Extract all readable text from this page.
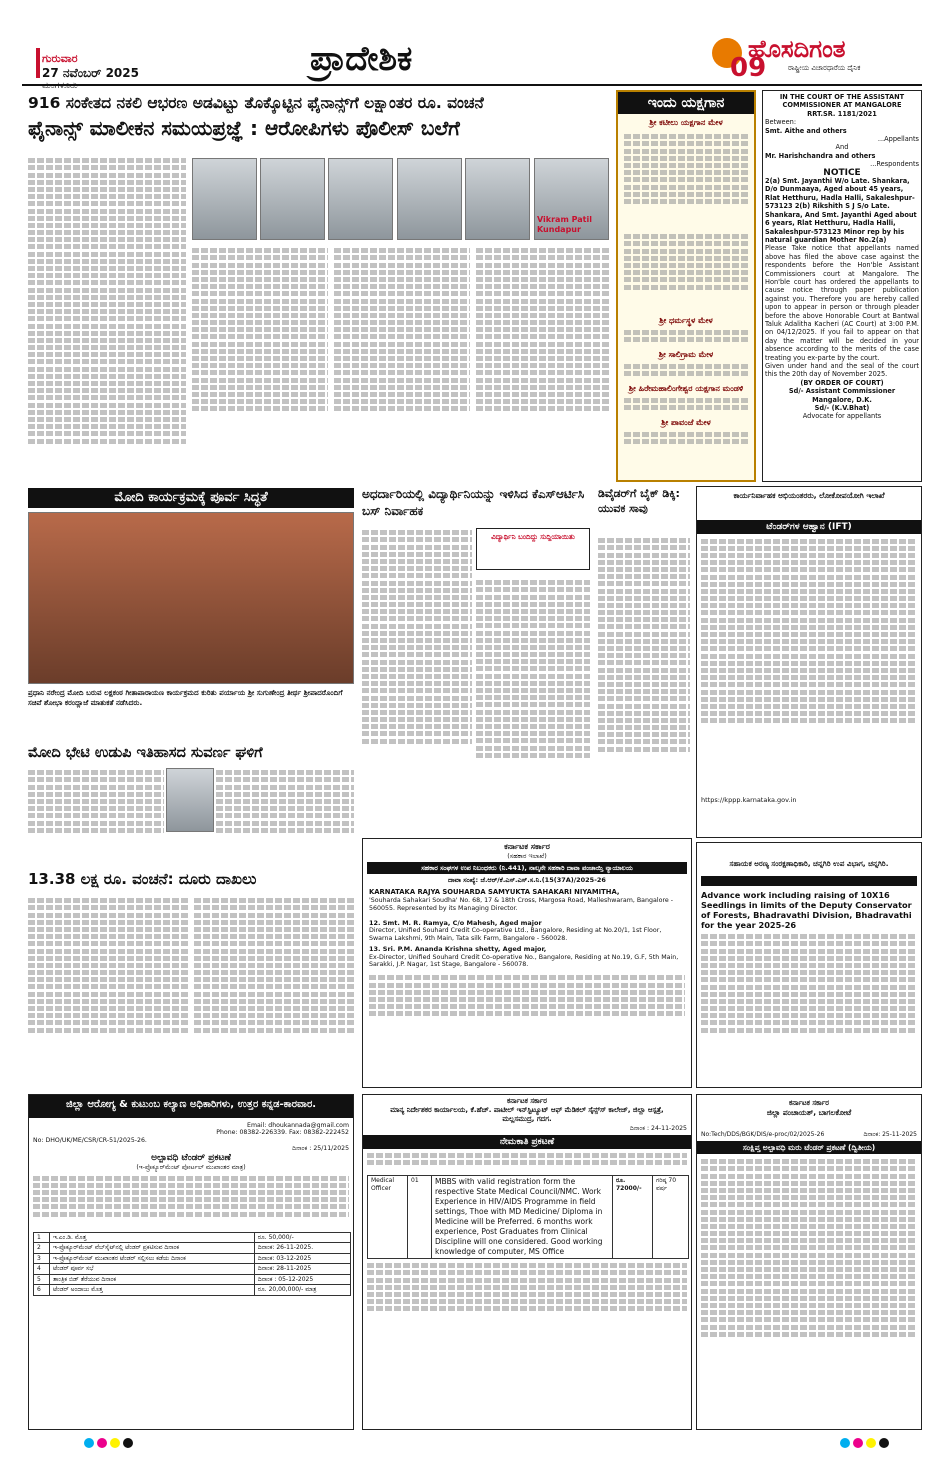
ಗುರುವಾರ
27 ನವೆಂಬರ್ 2025	ಪ್ರಾದೇಶಿಕ	ಹೊಸದಿಗಂತ
09	ರಾಷ್ಟ್ರೀಯ ವಿಚಾರಧಾರೆಯ ದೈನಿಕ
916 ಸಂಕೇತದ ನಕಲಿ ಆಭರಣ ಅಡವಿಟ್ಟು ತೊಕ್ಕೊಟ್ಟಿನ ಫೈನಾನ್ಸ್‌ಗೆ ಲಕ್ಷಾಂತರ ರೂ. ವಂಚನೆ
ಫೈನಾನ್ಸ್ ಮಾಲೀಕನ ಸಮಯಪ್ರಜ್ಞೆ : ಆರೋಪಿಗಳು ಪೊಲೀಸ್ ಬಲೆಗೆ
Vikram Patil Kundapur
ಇಂದು ಯಕ್ಷಗಾನ
ಶ್ರೀ ಕಟೀಲು ಯಕ್ಷಗಾನ ಮೇಳ
ಶ್ರೀ ಧರ್ಮಸ್ಥಳ ಮೇಳ
ಶ್ರೀ ಸಾಲಿಗ್ರಾಮ ಮೇಳ
ಶ್ರೀ ಹಿರೇಮಹಾಲಿಂಗೇಶ್ವರ ಯಕ್ಷಗಾನ ಮಂಡಳಿ
ಶ್ರೀ ಪಾವಂಜೆ ಮೇಳ
IN THE COURT OF THE ASSISTANT COMMISSIONER AT MANGALORE
RRT.SR. 1181/2021
Between:
Smt. Aithe and others
...Appellants
And
Mr. Harishchandra and others
...Respondents
NOTICE
2(a) Smt. Jayanthi W/o Late. Shankara, D/o Dunmaaya, Aged about 45 years, Rlat Hetthuru, Hadla Halli, Sakaleshpur-573123 2(b) Rikshith S J S/o Late. Shankara, And Smt. Jayanthi Aged about 6 years, Rlat Hetthuru, Hadla Halli, Sakaleshpur-573123 Minor rep by his natural guardian Mother No.2(a)
Please Take notice that appellants named above has filed the above case against the respondents before the Hon'ble Assistant Commissioners court at Mangalore. The Hon'ble court has ordered the appellants to cause notice through paper publication against you. Therefore you are hereby called upon to appear in person or through pleader before the above Honorable Court at Bantwal Taluk Adalitha Kacheri (AC Court) at 3:00 P.M. on 04/12/2025. If you fail to appear on that day the matter will be decided in your absence according to the merits of the case treating you ex-parte by the court.
Given under hand and the seal of the court this the 20th day of November 2025.
(BY ORDER OF COURT)
Sd/- Assistant Commissioner
Mangalore, D.K.
Sd/- (K.V.Bhat)
Advocate for appellants
ಮೋದಿ ಕಾರ್ಯಕ್ರಮಕ್ಕೆ ಪೂರ್ವ ಸಿದ್ಧತೆ
ಪ್ರಧಾನಿ ನರೇಂದ್ರ ಮೋದಿ ಬರುವ ಲಕ್ಷಕಂಠ ಗೀತಾಪಾರಾಯಣ ಕಾರ್ಯಕ್ರಮದ ಕುರಿತು ಪರ್ಯಾಯ ಶ್ರೀ ಸುಗುಣೇಂದ್ರ ತೀರ್ಥ ಶ್ರೀಪಾದರೊಂದಿಗೆ ಸಚಿವೆ ಶೋಭಾ ಕರಂದ್ಲಾಜೆ ಮಾತುಕತೆ ನಡೆಸಿದರು.
ಮೋದಿ ಭೇಟಿ ಉಡುಪಿ ಇತಿಹಾಸದ ಸುವರ್ಣ ಘಳಿಗೆ
13.38 ಲಕ್ಷ ರೂ. ವಂಚನೆ: ದೂರು ದಾಖಲು
ಅಧರ್ದಾರಿಯಲ್ಲಿ ವಿದ್ಯಾರ್ಥಿನಿಯನ್ನು ಇಳಿಸಿದ ಕೆಎಸ್ಆರ್ಟಿಸಿ ಬಸ್ ನಿರ್ವಾಹಕ
ವಿದ್ಯಾರ್ಥಿನಿ ಬಂದಿದ್ದು ಸುದ್ದಿಯಾಯಿತು
ಡಿವೈಡರ್‌ಗೆ ಬೈಕ್ ಡಿಕ್ಕಿ: ಯುವಕ ಸಾವು
ಕಾರ್ಯನಿರ್ವಾಹಕ ಅಭಿಯಂತರರು, ಲೋಕೋಪಯೋಗಿ ಇಲಾಖೆ
ಟೆಂಡರ್‌ಗಳ ಆಹ್ವಾನ (IFT)
https://kppp.karnataka.gov.in
ಕರ್ನಾಟಕ ಸರ್ಕಾರ
(ಸಹಕಾರ ಇಲಾಖೆ)
ಸಹಕಾರ ಸಂಘಗಳ ಉಪ ನಿಬಂಧಕರು (ನಿ.441), ನಾಲ್ಕನೇ ಸಹಕಾರಿ ದಾವಾ ಪಂಚಾಯ್ತಿ ನ್ಯಾಯಾಲಯ
ದಾವಾ ಸಂಖ್ಯೆ: ಜೆ.ಆರ್/ಕೆ.ಎಸ್.ಎಸ್.ಸ.ನಿ.(15(37A)/2025-26
KARNATAKA RAJYA SOUHARDA SAMYUKTA SAHAKARI NIYAMITHA,
'Souharda Sahakari Soudha' No. 68, 17 & 18th Cross, Margosa Road, Malleshwaram, Bangalore - 560055. Represented by its Managing Director.
12. Smt. M. R. Ramya, C/o Mahesh, Aged major
Director, Unified Souhard Credit Co-operative Ltd., Bangalore, Residing at No.20/1, 1st Floor, Swarna Lakshmi, 9th Main, Tata silk Farm, Bangalore - 560028.
13. Sri. P.M. Ananda Krishna shetty, Aged major,
Ex-Director, Unified Souhard Credit Co-operative No., Bangalore, Residing at No.19, G.F, 5th Main, Sarakki, J.P. Nagar, 1st Stage, Bangalore - 560078.
ಸಹಾಯಕ ಅರಣ್ಯ ಸಂರಕ್ಷಣಾಧಿಕಾರಿ, ಚನ್ನಗಿರಿ ಉಪ ವಿಭಾಗ, ಚನ್ನಗಿರಿ.
Advance work including raising of 10X16 Seedlings in limits of the Deputy Conservator of Forests, Bhadravathi Division, Bhadravathi for the year 2025-26
ಜಿಲ್ಲಾ ಆರೋಗ್ಯ & ಕುಟುಂಬ ಕಲ್ಯಾಣ ಅಧಿಕಾರಿಗಳು, ಉತ್ತರ ಕನ್ನಡ-ಕಾರವಾರ.
Email: dhoukannada@gmail.com
Phone: 08382-226339. Fax: 08382-222452
No: DHO/UK/ME/CSR/CR-51/2025-26.
ದಿನಾಂಕ : 25/11/2025
ಅಲ್ಪಾವಧಿ ಟೆಂಡರ್ ಪ್ರಕಟಣೆ
(ಇ-ಪ್ರೊಕ್ಯೂರ್‌ಮೆಂಟ್ ಪೋರ್ಟಲ್ ಮುಖಾಂತರ ಮಾತ್ರ)
1	ಇ.ಎಂ.ಡಿ. ಮೊತ್ತ	ರೂ. 50,000/-
2	ಇ-ಪ್ರೊಕ್ಯೂರ್‌ಮೆಂಟ್ ವೆಬ್‌ಸೈಟ್‌ನಲ್ಲಿ ಟೆಂಡರ್ ಪ್ರಕಟಿಸುವ ದಿನಾಂಕ	ದಿನಾಂಕ: 26-11-2025.
3	ಇ-ಪ್ರೊಕ್ಯೂರ್‌ಮೆಂಟ್ ಮುಖಾಂತರ ಟೆಂಡರ್ ಸಲ್ಲಿಸಲು ಕಡೆಯ ದಿನಾಂಕ	ದಿನಾಂಕ: 03-12-2025
4	ಟೆಂಡರ್ ಪೂರ್ವ ಸಭೆ	ದಿನಾಂಕ: 28-11-2025
5	ತಾಂತ್ರಿಕ ಬಿಡ್ ತೆರೆಯುವ ದಿನಾಂಕ	ದಿನಾಂಕ : 05-12-2025
6	ಟೆಂಡರ್ ಅಂದಾಜು ಮೊತ್ತ	ರೂ. 20,00,000/- ಮಾತ್ರ
ಕರ್ನಾಟಕ ಸರ್ಕಾರ
ಮಾನ್ಯ ನಿರ್ದೇಶಕರ ಕಾರ್ಯಾಲಯ, ಕೆ.ಹೆಚ್. ಪಾಟೀಲ್ ಇನ್‌ಸ್ಟಿಟ್ಯೂಟ್ ಆಫ್ ಮೆಡಿಕಲ್ ಸೈನ್ಸ್‌ಸ್ ಕಾಲೇಜ್, ಜಿಲ್ಲಾ ಆಸ್ಪತ್ರೆ, ಮಲ್ಲಸಮುದ್ರ, ಗದಗ.
ದಿನಾಂಕ : 24-11-2025
ನೇಮಕಾತಿ ಪ್ರಕಟಣೆ
Medical Officer	01	MBBS with valid registration form the respective State Medical Council/NMC. Work Experience in HIV/AIDS Programme in field settings, Thoe with MD Medicine/ Diploma in Medicine will be Preferred. 6 months work experience, Post Graduates from Clinical Discipline will one considered. Good working knowledge of computer, MS Office	ರೂ. 72000/-	ಗರಿಷ್ಠ 70 ವರ್ಷ
ಕರ್ನಾಟಕ ಸರ್ಕಾರ
ಜಿಲ್ಲಾ ಪಂಚಾಯತ್, ಬಾಗಲಕೋಟೆ
No:Tech/DDS/BGK/DIS/e-proc/02/2025-26	ದಿನಾಂಕ: 25-11-2025
ಸಂಕ್ಷಿಪ್ತ ಅಲ್ಪಾವಧಿ ಮರು ಟೆಂಡರ್ ಪ್ರಕಟಣೆ (ದ್ವಿತೀಯ)
